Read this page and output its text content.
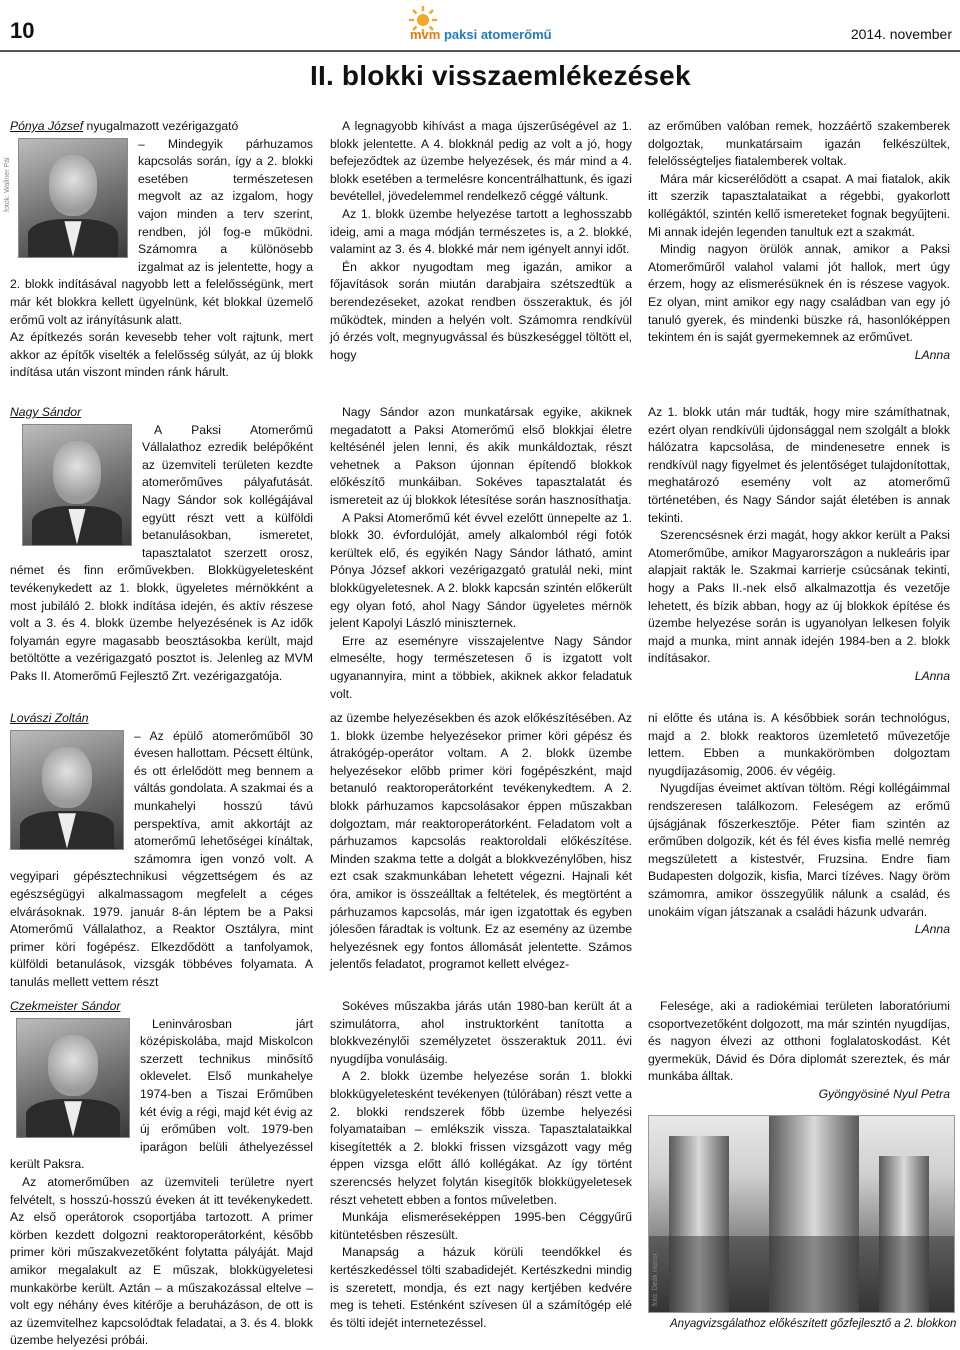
10	mvm paksi atomerőmű	2014. november
II. blokki visszaemlékezések
fotók: Wallner Pál

Pónya József nyugalmazott vezérigazgató

– Mindegyik párhuzamos kapcsolás során, így a 2. blokki esetében természetesen megvolt az az izgalom, hogy vajon minden a terv szerint, rendben, jól fog-e működni. Számomra a különösebb izgalmat az is jelentette, hogy a 2. blokk indításával nagyobb lett a felelősségünk, mert már két blokkra kellett ügyelnünk, két blokkal üzemelő erőmű volt az irányításunk alatt.

Az építkezés során kevesebb teher volt rajtunk, mert akkor az építők viselték a felelősség súlyát, az új blokk indítása után viszont minden ránk hárult.

A legnagyobb kihívást a maga újszerűségével az 1. blokk jelentette. A 4. blokknál pedig az volt a jó, hogy befejeződtek az üzembe helyezések, és már mind a 4. blokk esetében a termelésre koncentrálhattunk, és igazi bevétellel, jövedelemmel rendelkező céggé váltunk.

Az 1. blokk üzembe helyezése tartott a leghosszabb ideig, ami a maga módján természetes is, a 2. blokké, valamint az 3. és 4. blokké már nem igényelt annyi időt.

Én akkor nyugodtam meg igazán, amikor a főjavítások során miután darabjaira szétszedtük a berendezéseket, azokat rendben összeraktuk, és jól működtek, minden a helyén volt. Számomra rendkívül jó érzés volt, megnyugvással és büszkeséggel töltött el, hogy

az erőműben valóban remek, hozzáértő szakemberek dolgoztak, munkatársaim igazán felkészültek, felelősségteljes fiatalemberek voltak.

Mára már kicserélődött a csapat. A mai fiatalok, akik itt szerzik tapasztalataikat a régebbi, gyakorlott kollégáktól, szintén kellő ismereteket fognak begyűjteni. Mi annak idején legenden tanultuk ezt a szakmát.

Mindig nagyon örülök annak, amikor a Paksi Atomerőműről valahol valami jót hallok, mert úgy érzem, hogy az elismerésüknek én is részese vagyok. Ez olyan, mint amikor egy nagy családban van egy jó tanuló gyerek, és mindenki büszke rá, hasonlóképpen tekintem én is saját gyermekemnek az erőművet.

LAnna

Nagy Sándor

A Paksi Atomerőmű Vállalathoz ezredik belépőként az üzemviteli területen kezdte atomerőműves pályafutását. Nagy Sándor sok kollégájával együtt részt vett a külföldi betanulásokban, ismeretet, tapasztalatot szerzett orosz, német és finn erőművekben. Blokkügyeletesként tevékenykedett az 1. blokk, ügyeletes mérnökként a most jubiláló 2. blokk indítása idején, és aktív részese volt a 3. és 4. blokk üzembe helyezésének is Az idők folyamán egyre magasabb beosztásokba került, majd betöltötte a vezérigazgató posztot is. Jelenleg az MVM Paks II. Atomerőmű Fejlesztő Zrt. vezérigazgatója.

Nagy Sándor azon munkatársak egyike, akiknek megadatott a Paksi Atomerőmű első blokkjai életre keltésénél jelen lenni, és akik munkáldoztak, részt vehetnek a Pakson újonnan építendő blokkok előkészítő munkáiban. Sokéves tapasztalatát és ismereteit az új blokkok létesítése során hasznosíthatja.

A Paksi Atomerőmű két évvel ezelőtt ünnepelte az 1. blokk 30. évfordulóját, amely alkalomból régi fotók kerültek elő, és egyikén Nagy Sándor látható, amint Pónya József akkori vezérigazgató gratulál neki, mint blokkügyeletesnek. A 2. blokk kapcsán szintén előkerült egy olyan fotó, ahol Nagy Sándor ügyeletes mérnök jelent Kapolyi László miniszternek.

Erre az eseményre visszajelentve Nagy Sándor elmesélte, hogy természetesen ő is izgatott volt ugyanannyira, mint a többiek, akiknek akkor feladatuk volt.

Az 1. blokk után már tudták, hogy mire számíthatnak, ezért olyan rendkívüli újdonsággal nem szolgált a blokk hálózatra kapcsolása, de mindenesetre ennek is rendkívül nagy figyelmet és jelentőséget tulajdonítottak, meghatározó esemény volt az atomerőmű történetében, és Nagy Sándor saját életében is annak tekinti.

Szerencsésnek érzi magát, hogy akkor került a Paksi Atomerőműbe, amikor Magyarországon a nukleáris ipar alapjait rakták le. Szakmai karrierje csúcsának tekinti, hogy a Paks II.-nek első alkalmazottja és vezetője lehetett, és bízik abban, hogy az új blokkok építése és üzembe helyezése során is ugyanolyan lelkesen folyik majd a munka, mint annak idején 1984-ben a 2. blokk indításakor.

LAnna

Lovászi Zoltán

– Az épülő atomerőműből 30 évesen hallottam. Pécsett éltünk, és ott érlelődött meg bennem a váltás gondolata. A szakmai és a munkahelyi hosszú távú perspektíva, amit akkortájt az atomerőmű lehetőségei kínáltak, számomra igen vonzó volt. A vegyipari gépésztechnikusi végzettségem és az egészségügyi alkalmassagom megfelelt a céges elvárásoknak. 1979. január 8-án léptem be a Paksi Atomerőmű Vállalathoz, a Reaktor Osztályra, mint primer köri fogépész. Elkezdődött a tanfolyamok, külföldi betanulások, vizsgák többéves folyamata. A tanulás mellett vettem részt

az üzembe helyezésekben és azok előkészítésében. Az 1. blokk üzembe helyezésekor primer köri gépész és átrakógép-operátor voltam. A 2. blokk üzembe helyezésekor előbb primer köri fogépészként, majd betanuló reaktoroperátorként tevékenykedtem. A 2. blokk párhuzamos kapcsolásakor éppen műszakban dolgoztam, már reaktoroperátorként. Feladatom volt a párhuzamos kapcsolás reaktoroldali előkészítése. Minden szakma tette a dolgát a blokkvezénylőben, hisz ezt csak szakmunkában lehetett végezni. Hajnali két óra, amikor is összeálltak a feltételek, és megtörtént a párhuzamos kapcsolás, már igen izgatottak és egyben jólesően fáradtak is voltunk. Ez az esemény az üzembe helyezésnek egy fontos állomását jelentette. Számos jelentős feladatot, programot kellett elvégez-

ni előtte és utána is. A későbbiek során technológus, majd a 2. blokk reaktoros üzemletető művezetője lettem. Ebben a munkakörömben dolgoztam nyugdíjazásomig, 2006. év végéig.

Nyugdíjas éveimet aktívan töltöm. Régi kollégáimmal rendszeresen találkozom. Feleségem az erőmű újságjának főszerkesztője. Péter fiam szintén az erőműben dolgozik, két és fél éves kisfia mellé nemrég megszületett a kistestvér, Fruzsina. Endre fiam Budapesten dolgozik, kisfia, Marci tízéves. Nagy öröm számomra, amikor összegyűlik nálunk a család, és unokáim vígan játszanak a családi házunk udvarán.

LAnna

Czekmeister Sándor

Leninvárosban járt középiskolába, majd Miskolcon szerzett technikus minősítő oklevelet. Első munkahelye 1974-ben a Tiszai Erőműben két évig a régi, majd két évig az új erőműben volt. 1979-ben iparágon belüli áthelyezéssel került Paksra.

Az atomerőműben az üzemviteli területre nyert felvételt, s hosszú-hosszú éveken át itt tevékenykedett. Az első operátorok csoportjába tartozott. A primer körben kezdett dolgozni reaktoroperátorként, később primer köri műszakvezetőként folytatta pályáját. Majd amikor megalakult az E műszak, blokkügyeletesi munkakörbe került. Aztán – a műszakozással eltelve – volt egy néhány éves kitérője a beruházáson, de ott is az üzemvitelhez kapcsolódtak feladatai, a 3. és 4. blokk üzembe helyezési próbái.

Sokéves műszakba járás után 1980-ban került át a szimulátorra, ahol instruktorként tanította a blokkvezénylői személyzetet összeraktuk 2011. évi nyugdíjba vonulásáig.

A 2. blokk üzembe helyezése során 1. blokki blokkügyeletesként tevékenyen (túlórában) részt vette a 2. blokki rendszerek főbb üzembe helyezési folyamataiban – emlékszik vissza. Tapasztalataikkal kisegítették a 2. blokki frissen vizsgázott vagy még éppen vizsga előtt álló kollégákat. Az így történt szerencsés helyzet folytán kisegítők blokkügyeletesek részt vehetett ebben a fontos műveletben.

Munkája elismeréseképpen 1995-ben Céggyűrű kitüntetésben részesült.

Manapság a házuk körüli teendőkkel és kertészkedéssel tölti szabadidejét. Kertészkedni mindig is szeretett, mondja, és ezt nagy kertjében kedvére meg is teheti. Esténként szívesen ül a számítógép elé és tölti idejét internetezéssel.

Felesége, aki a radiokémiai területen laboratóriumi csoportvezetőként dolgozott, ma már szintén nyugdíjas, és nagyon élvezi az otthoni foglalatoskodást. Két gyermekük, Dávid és Dóra diplomát szereztek, és már munkába álltak.

Gyöngyösiné Nyul Petra

fotó: Deák Hunor
Anyagvizsgálathoz előkészített gőzfejlesztő a 2. blokkon
